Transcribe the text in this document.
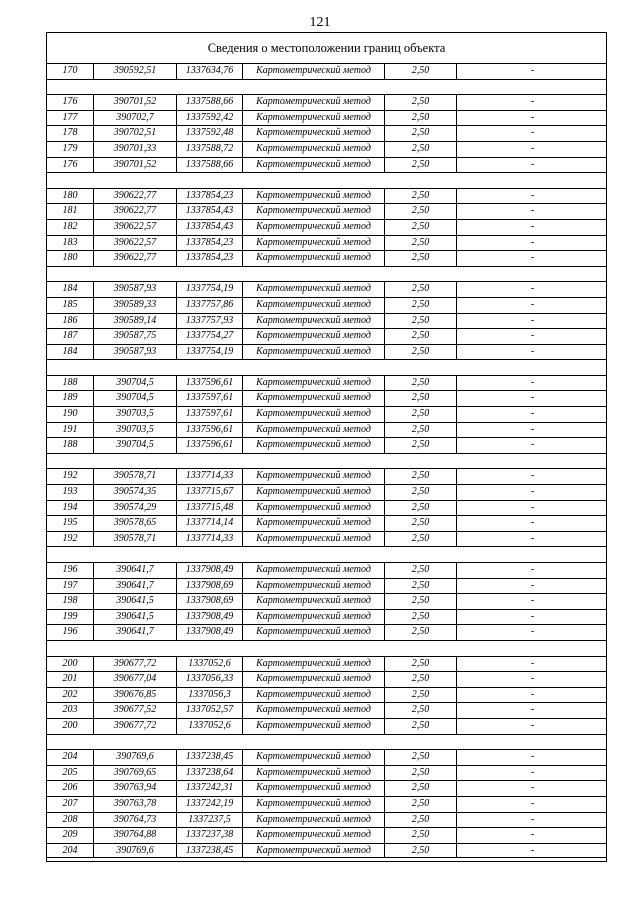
121
Сведения о местоположении границ объекта
170	390592,51	1337634,76	Картометрический метод	2,50	-
176	390701,52	1337588,66	Картометрический метод	2,50	-
177	390702,7	1337592,42	Картометрический метод	2,50	-
178	390702,51	1337592,48	Картометрический метод	2,50	-
179	390701,33	1337588,72	Картометрический метод	2,50	-
176	390701,52	1337588,66	Картометрический метод	2,50	-
180	390622,77	1337854,23	Картометрический метод	2,50	-
181	390622,77	1337854,43	Картометрический метод	2,50	-
182	390622,57	1337854,43	Картометрический метод	2,50	-
183	390622,57	1337854,23	Картометрический метод	2,50	-
180	390622,77	1337854,23	Картометрический метод	2,50	-
184	390587,93	1337754,19	Картометрический метод	2,50	-
185	390589,33	1337757,86	Картометрический метод	2,50	-
186	390589,14	1337757,93	Картометрический метод	2,50	-
187	390587,75	1337754,27	Картометрический метод	2,50	-
184	390587,93	1337754,19	Картометрический метод	2,50	-
188	390704,5	1337596,61	Картометрический метод	2,50	-
189	390704,5	1337597,61	Картометрический метод	2,50	-
190	390703,5	1337597,61	Картометрический метод	2,50	-
191	390703,5	1337596,61	Картометрический метод	2,50	-
188	390704,5	1337596,61	Картометрический метод	2,50	-
192	390578,71	1337714,33	Картометрический метод	2,50	-
193	390574,35	1337715,67	Картометрический метод	2,50	-
194	390574,29	1337715,48	Картометрический метод	2,50	-
195	390578,65	1337714,14	Картометрический метод	2,50	-
192	390578,71	1337714,33	Картометрический метод	2,50	-
196	390641,7	1337908,49	Картометрический метод	2,50	-
197	390641,7	1337908,69	Картометрический метод	2,50	-
198	390641,5	1337908,69	Картометрический метод	2,50	-
199	390641,5	1337908,49	Картометрический метод	2,50	-
196	390641,7	1337908,49	Картометрический метод	2,50	-
200	390677,72	1337052,6	Картометрический метод	2,50	-
201	390677,04	1337056,33	Картометрический метод	2,50	-
202	390676,85	1337056,3	Картометрический метод	2,50	-
203	390677,52	1337052,57	Картометрический метод	2,50	-
200	390677,72	1337052,6	Картометрический метод	2,50	-
204	390769,6	1337238,45	Картометрический метод	2,50	-
205	390769,65	1337238,64	Картометрический метод	2,50	-
206	390763,94	1337242,31	Картометрический метод	2,50	-
207	390763,78	1337242,19	Картометрический метод	2,50	-
208	390764,73	1337237,5	Картометрический метод	2,50	-
209	390764,88	1337237,38	Картометрический метод	2,50	-
204	390769,6	1337238,45	Картометрический метод	2,50	-
